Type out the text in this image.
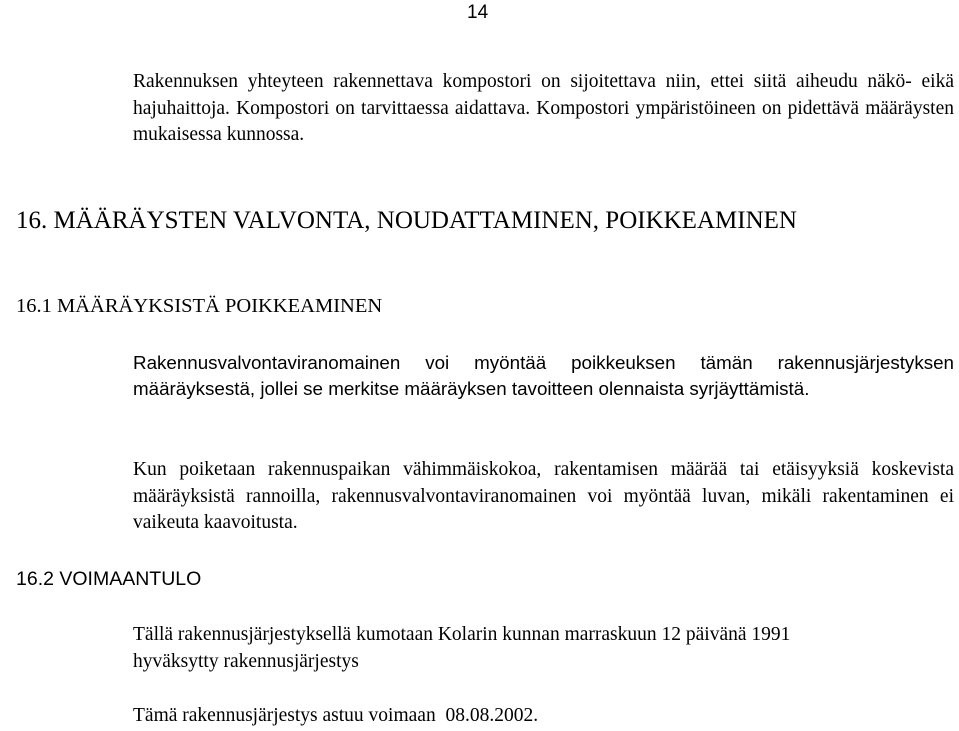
14
Rakennuksen yhteyteen rakennettava kompostori on sijoitettava niin, ettei siitä aiheudu näkö- eikä hajuhaittoja. Kompostori on tarvittaessa aidattava. Kompostori ympäristöineen on pidettävä määräysten mukaisessa kunnossa.
16. MÄÄRÄYSTEN VALVONTA, NOUDATTAMINEN, POIKKEAMINEN
16.1 MÄÄRÄYKSISTÄ POIKKEAMINEN
Rakennusvalvontaviranomainen voi myöntää poikkeuksen tämän rakennusjärjestyksen määräyksestä, jollei se merkitse määräyksen tavoitteen olennaista syrjäyttämistä.
Kun poiketaan rakennuspaikan vähimmäiskokoa, rakentamisen määrää tai etäisyyksiä koskevista määräyksistä rannoilla, rakennusvalvontaviranomainen voi myöntää luvan, mikäli rakentaminen ei vaikeuta kaavoitusta.
16.2 VOIMAANTULO
Tällä rakennusjärjestyksellä kumotaan Kolarin kunnan marraskuun 12 päivänä 1991
hyväksytty rakennusjärjestys
Tämä rakennusjärjestys astuu voimaan  08.08.2002.
